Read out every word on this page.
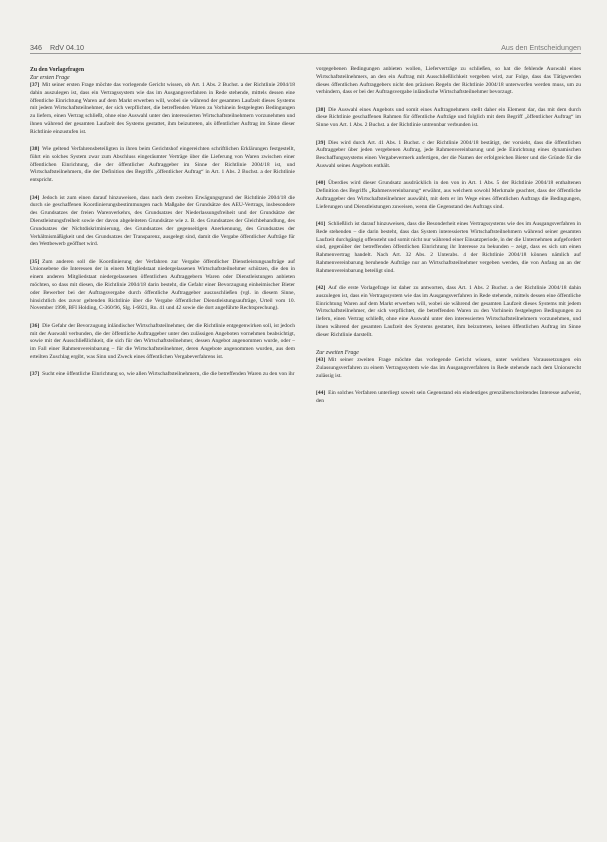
346 RdV 04.10	Aus den Entscheidungen
Zu den Vorlagefragen
Zur ersten Frage

[37] Mit seiner ersten Frage möchte das vorlegende Gericht wissen, ob Art. 1 Abs. 2 Buchst. a der Richtlinie 2004/18 dahin auszulegen ist, dass ein Vertragssystem wie das im Ausgangsverfahren in Rede stehende, mittels dessen eine öffentliche Einrichtung Waren auf dem Markt erwerben will, wobei sie während der gesamten Laufzeit dieses Systems mit jedem Wirtschaftsteilnehmer, der sich verpflichtet, die betreffenden Waren zu Vorhinein festgelegten Bedingungen zu liefern, einen Vertrag schließt, ohne eine Auswahl unter den interessierten Wirtschaftsteilnehmern vorzunehmen und ihnen während der gesamten Laufzeit des Systems gestattet, ihm beizutreten, als öffentlicher Auftrag im Sinne dieser Richtlinie einzustufen ist.

[38] Wie geltend Verfahrensbeteiligten in ihren beim Gerichtshof eingereichten schriftlichen Erklärungen festgestellt, führt ein solches System zwar zum Abschluss eingeräumter Verträge über die Lieferung von Waren zwischen einer öffentlichen Einrichtung, die der öffentlicher Auftraggeber im Sinne der Richtlinie 2004/18 ist, und Wirtschaftsteilnehmern, die der Definition des Begriffs „öffentlicher Auftrag“ in Art. 1 Abs. 2 Buchst. a der Richtlinie entspricht.

[34] Jedoch ist zum einen darauf hinzuweisen, dass nach dem zweiten Erwägungsgrund der Richtlinie 2004/18 die durch sie geschaffenen Koordinierungsbestimmungen nach Maßgabe der Grundsätze des AEU-Vertrags, insbesondere des Grundsatzes der freien Warenverkehrs, des Grundsatzes der Niederlassungsfreiheit und der Grundsätze der Dienstleistungsfreiheit sowie der davon abgeleiteten Grundsätze wie z. B. des Grundsatzes der Gleichbehandlung, des Grundsatzes der Nichtdiskriminierung, des Grundsatzes der gegenseitigen Anerkennung, des Grundsatzes der Verhältnismäßigkeit und des Grundsatzes der Transparenz, ausgelegt sind, damit die Vergabe öffentlicher Aufträge für den Wettbewerb geöffnet wird.

[35] Zum anderen soll die Koordinierung der Verfahren zur Vergabe öffentlicher Dienstleistungsaufträge auf Unionsebene die Interessen der in einem Mitgliedstaat niedergelassenen Wirtschaftsteilnehmer schützen, die den in einem anderen Mitgliedstaat niedergelassenen öffentlichen Auftraggebern Waren oder Dienstleistungen anbieten möchten, so dass mit diesen, die Richtlinie 2004/18 darin besteht, die Gefahr einer Bevorzugung einheimischer Bieter oder Bewerber bei der Auftragsvergabe durch öffentliche Auftraggeber auszuschließen (vgl. in diesem Sinne, hinsichtlich des zuvor geltenden Richtlinie über die Vergabe öffentlicher Dienstleistungsaufträge, Urteil vom 10. November 1998, BFI Holding, C-360/96, Slg. I-6821, Rn. 41 und 42 sowie die dort angeführte Rechtsprechung).

[36] Die Gefahr der Bevorzugung inländischer Wirtschaftsteilnehmer, der die Richtlinie entgegenwirken soll, ist jedoch mit der Auswahl verbunden, die der öffentliche Auftraggeber unter den zulässigen Angeboten vornehmen beabsichtigt, sowie mit der Ausschließlichkeit, die sich für den Wirtschaftsteilnehmer, dessen Angebot angenommen wurde, oder – im Fall einer Rahmenvereinbarung – für die Wirtschaftsteilnehmer, deren Angebote angenommen wurden, aus dem erteilten Zuschlag ergibt, was Sinn und Zweck eines öffentlichen Vergabeverfahrens ist.

[37] Sucht eine öffentliche Einrichtung so, wie allen Wirtschaftsteilnehmern, die die betreffenden Waren zu den von ihr

vorgegebenen Bedingungen anbieten wollen, Lieferverträge zu schließen, so hat die fehlende Auswahl eines Wirtschaftsteilnehmers, an den ein Auftrag mit Ausschließlichkeit vergeben wird, zur Folge, dass das Tätigwerden dieses öffentlichen Auftraggebers nicht den präzisen Regeln der Richtlinie 2004/18 unterworfen werden muss, um zu verhindern, dass er bei der Auftragsvergabe inländische Wirtschaftsteilnehmer bevorzugt.

[38] Die Auswahl eines Angebots und somit eines Auftragnehmers stellt daher ein Element dar, das mit dem durch diese Richtlinie geschaffenen Rahmen für öffentliche Aufträge und folglich mit dem Begriff „öffentlicher Auftrag“ im Sinne von Art. 1 Abs. 2 Buchst. a der Richtlinie untrennbar verbunden ist.

[39] Dies wird durch Art. 41 Abs. 1 Buchst. c der Richtlinie 2004/18 bestätigt, der vorsieht, dass die öffentlichen Auftraggeber über jeden vergebenen Auftrag, jede Rahmenvereinbarung und jede Einrichtung eines dynamischen Beschaffungssystems einen Vergabevermerk anfertigen, der die Namen der erfolgreichen Bieter und die Gründe für die Auswahl seines Angebots enthält.

[40] Überdies wird dieser Grundsatz ausdrücklich in den von in Art. 1 Abs. 5 der Richtlinie 2004/18 enthaltenen Definition des Begriffs „Rahmenvereinbarung“ erwähnt, aus welchem sowohl Merkmale geachtet, dass der öffentliche Auftraggeber den Wirtschaftsteilnehmer auswählt, mit dem er im Wege eines öffentlichen Auftrags die Bedingungen, Lieferungen und Dienstleistungen zuweisen, wenn die Gegenstand des Auftrags sind.

[41] Schließlich ist darauf hinzuweisen, dass die Besonderheit eines Vertragssystems wie des im Ausgangsverfahren in Rede stehenden – die darin besteht, dass das System interessierten Wirtschaftsteilnehmern während seiner gesamten Laufzeit durchgängig offensteht und somit nicht nur während einer Einsatzperiode, in der die Unternehmen aufgefordert sind, gegenüber der betreffenden öffentlichen Einrichtung ihr Interesse zu bekunden – zeigt, dass es sich um einen Rahmenvertrag handelt. Nach Art. 32 Abs. 2 Unterabs. 4 der Richtlinie 2004/18 können nämlich auf Rahmenvereinbarung beruhende Aufträge nur an Wirtschaftsteilnehmer vergeben werden, die von Anfang an an der Rahmenvereinbarung beteiligt sind.

[42] Auf die erste Vorlagefrage ist daher zu antworten, dass Art. 1 Abs. 2 Buchst. a der Richtlinie 2004/18 dahin auszulegen ist, dass ein Vertragssystem wie das im Ausgangsverfahren in Rede stehende, mittels dessen eine öffentliche Einrichtung Waren auf dem Markt erwerben will, wobei sie während der gesamten Laufzeit dieses Systems mit jedem Wirtschaftsteilnehmer, der sich verpflichtet, die betreffenden Waren zu den Vorhinein festgelegten Bedingungen zu liefern, einen Vertrag schließt, ohne eine Auswahl unter den interessierten Wirtschaftsteilnehmern vorzunehmen, und ihnen während der gesamten Laufzeit des Systems gestattet, ihm beizutreten, keinen öffentlichen Auftrag im Sinne dieser Richtlinie darstellt.

Zur zweiten Frage

[43] Mit seiner zweiten Frage möchte das vorlegende Gericht wissen, unter welchen Voraussetzungen ein Zulassungsverfahren zu einem Vertragssystem wie das im Ausgangsverfahren in Rede stehende nach dem Unionsrecht zulässig ist.

[44] Ein solches Verfahren unterliegt soweit sein Gegenstand ein eindeutiges grenzüberschreitendes Interesse aufweist, den
